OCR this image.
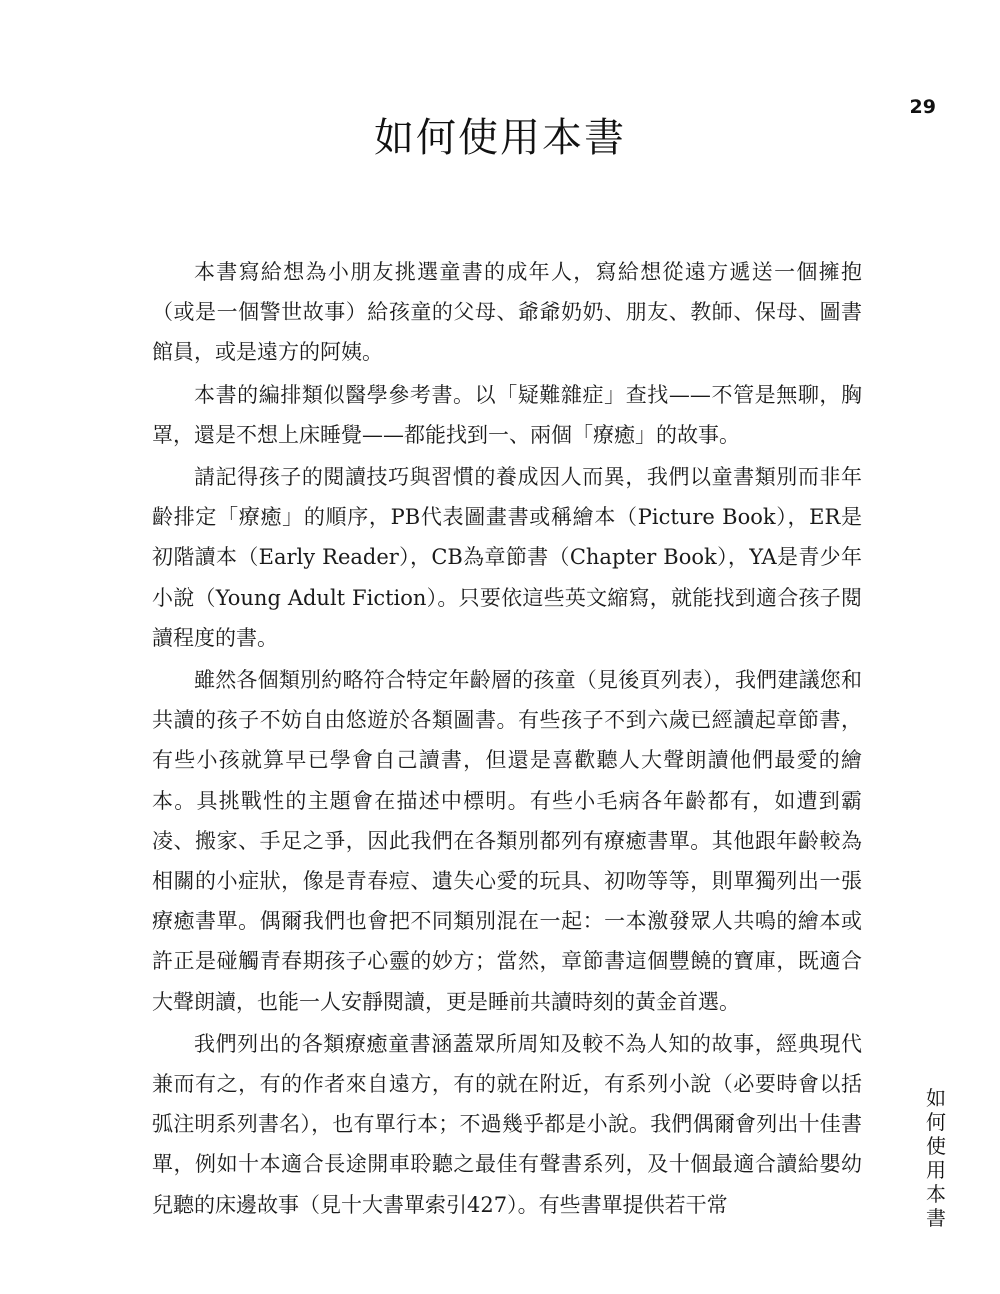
29
如何使用本書

本書寫給想為小朋友挑選童書的成年人，寫給想從遠方遞送一個擁抱（或是一個警世故事）給孩童的父母、爺爺奶奶、朋友、教師、保母、圖書館員，或是遠方的阿姨。

本書的編排類似醫學參考書。以「疑難雜症」查找——不管是無聊，胸罩，還是不想上床睡覺——都能找到一、兩個「療癒」的故事。

請記得孩子的閱讀技巧與習慣的養成因人而異，我們以童書類別而非年齡排定「療癒」的順序，PB代表圖畫書或稱繪本（Picture Book），ER是初階讀本（Early Reader），CB為章節書（Chapter Book），YA是青少年小說（Young Adult Fiction）。只要依這些英文縮寫，就能找到適合孩子閱讀程度的書。

雖然各個類別約略符合特定年齡層的孩童（見後頁列表），我們建議您和共讀的孩子不妨自由悠遊於各類圖書。有些孩子不到六歲已經讀起章節書，有些小孩就算早已學會自己讀書，但還是喜歡聽人大聲朗讀他們最愛的繪本。具挑戰性的主題會在描述中標明。有些小毛病各年齡都有，如遭到霸凌、搬家、手足之爭，因此我們在各類別都列有療癒書單。其他跟年齡較為相關的小症狀，像是青春痘、遺失心愛的玩具、初吻等等，則單獨列出一張療癒書單。偶爾我們也會把不同類別混在一起：一本激發眾人共鳴的繪本或許正是碰觸青春期孩子心靈的妙方；當然，章節書這個豐饒的寶庫，既適合大聲朗讀，也能一人安靜閱讀，更是睡前共讀時刻的黃金首選。

我們列出的各類療癒童書涵蓋眾所周知及較不為人知的故事，經典現代兼而有之，有的作者來自遠方，有的就在附近，有系列小說（必要時會以括弧注明系列書名），也有單行本；不過幾乎都是小說。我們偶爾會列出十佳書單，例如十本適合長途開車聆聽之最佳有聲書系列，及十個最適合讀給嬰幼兒聽的床邊故事（見十大書單索引427）。有些書單提供若干常

如
何
使
用
本
書
